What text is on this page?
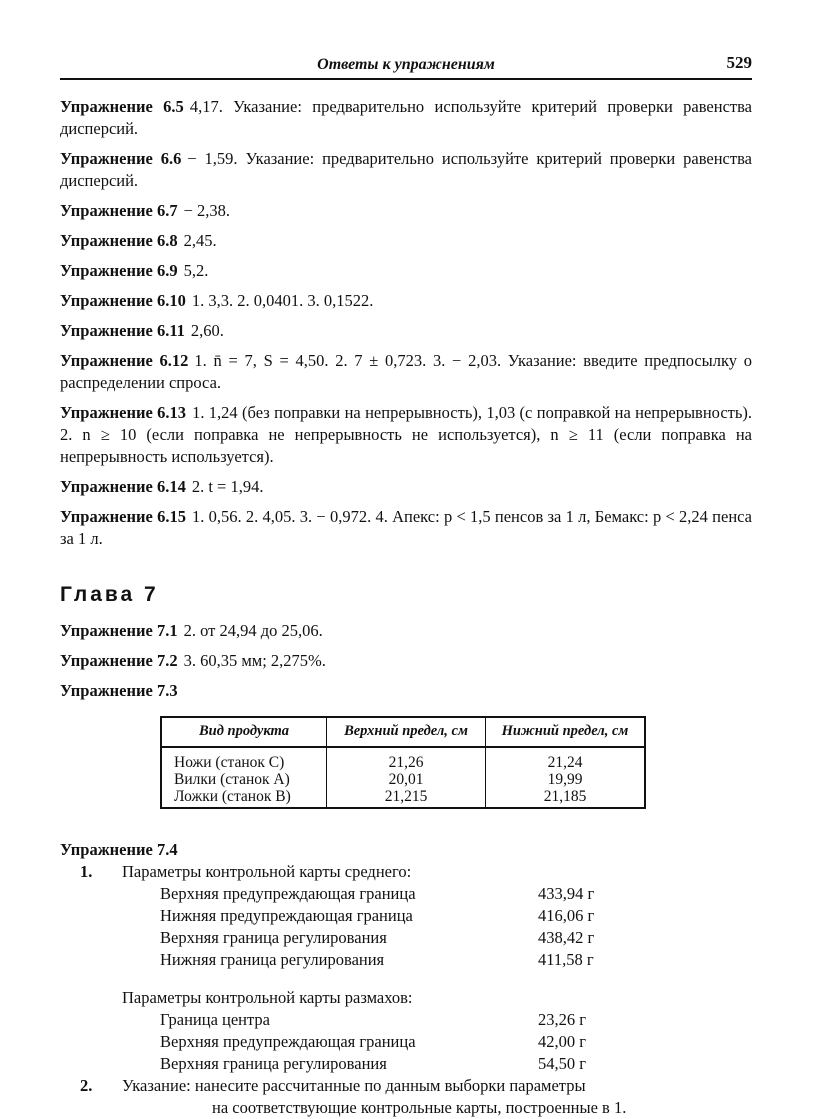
Ответы к упражнениям	529

Упражнение 6.5 4,17. Указание: предварительно используйте критерий проверки равенства дисперсий.

Упражнение 6.6 − 1,59. Указание: предварительно используйте критерий проверки равенства дисперсий.

Упражнение 6.7 − 2,38.

Упражнение 6.8 2,45.

Упражнение 6.9 5,2.

Упражнение 6.10 1. 3,3. 2. 0,0401. 3. 0,1522.

Упражнение 6.11 2,60.

Упражнение 6.12 1. n̄ = 7, S = 4,50. 2. 7 ± 0,723. 3. − 2,03. Указание: введите предпосылку о распределении спроса.

Упражнение 6.13 1. 1,24 (без поправки на непрерывность), 1,03 (с поправкой на непрерывность). 2. n ≥ 10 (если поправка не непрерывность не используется), n ≥ 11 (если поправка на непрерывность используется).

Упражнение 6.14 2. t = 1,94.

Упражнение 6.15 1. 0,56. 2. 4,05. 3. − 0,972. 4. Апекс: p < 1,5 пенсов за 1 л, Бемакс: p < 2,24 пенса за 1 л.

Глава 7

Упражнение 7.1 2. от 24,94 до 25,06.

Упражнение 7.2 3. 60,35 мм; 2,275%.

Упражнение 7.3

Вид продукта	Верхний предел, см	Нижний предел, см
Ножи (станок С)	21,26	21,24
Вилки (станок А)	20,01	19,99
Ложки (станок В)	21,215	21,185
Упражнение 7.4
1.	Параметры контрольной карты среднего:
Верхняя предупреждающая граница	433,94 г
Нижняя предупреждающая граница	416,06 г
Верхняя граница регулирования	438,42 г
Нижняя граница регулирования	411,58 г
Параметры контрольной карты размахов:
Граница центра	23,26 г
Верхняя предупреждающая граница	42,00 г
Верхняя граница регулирования	54,50 г
2.	Указание: нанесите рассчитанные по данным выборки параметры
на соответствующие контрольные карты, построенные в 1.
